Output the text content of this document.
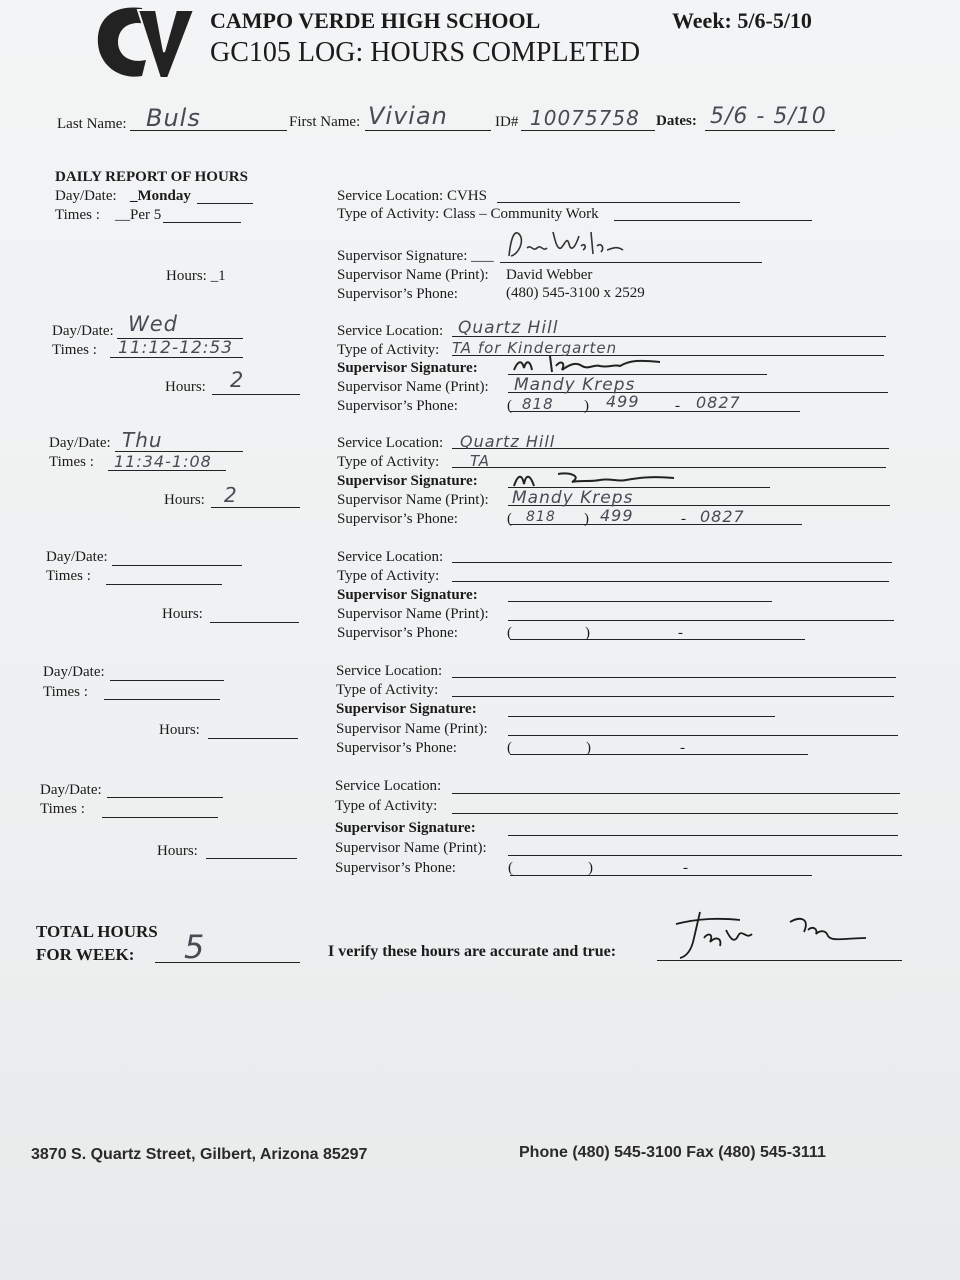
CAMPO VERDE HIGH SCHOOL	Week: 5/6-5/10
GC105 LOG: HOURS COMPLETED
Last Name: Buls	First Name: Vivian	ID# 10075758 Dates: 5/6 - 5/10
DAILY REPORT OF HOURS
Day/Date: _Monday
Times : __Per 5
Hours: _1
Service Location: CVHS
Type of Activity: Class – Community Work
Supervisor Signature: ___
Supervisor Name (Print): David Webber
Supervisor’s Phone:	(480) 545-3100 x 2529
Day/Date: Wed
Times : 11:12-12:53
Hours: 2
Service Location: Quartz Hill
Type of Activity: TA for Kindergarten
Supervisor Signature:
Supervisor Name (Print): Mandy Kreps
Supervisor’s Phone:	( 818 ) 499 - 0827
Day/Date: Thu
Times : 11:34-1:08
Hours: 2
Service Location: Quartz Hill
Type of Activity: TA
Supervisor Signature:
Supervisor Name (Print): Mandy Kreps
Supervisor’s Phone:	( 818 ) 499	- 0827
Day/Date:
Times :
Hours:
Service Location:
Type of Activity:
Supervisor Signature:
Supervisor Name (Print):
Supervisor’s Phone:	(	)	-
Day/Date:
Times :
Hours:
Service Location:
Type of Activity:
Supervisor Signature:
Supervisor Name (Print):
Supervisor’s Phone:	(	)	-
Day/Date:
Times :
Hours:
Service Location:
Type of Activity:
Supervisor Signature:
Supervisor Name (Print):
Supervisor’s Phone:	(	)	-
TOTAL HOURS
FOR WEEK: 5	I verify these hours are accurate and true:
3870 S. Quartz Street, Gilbert, Arizona 85297	Phone (480) 545-3100 Fax (480) 545-3111
